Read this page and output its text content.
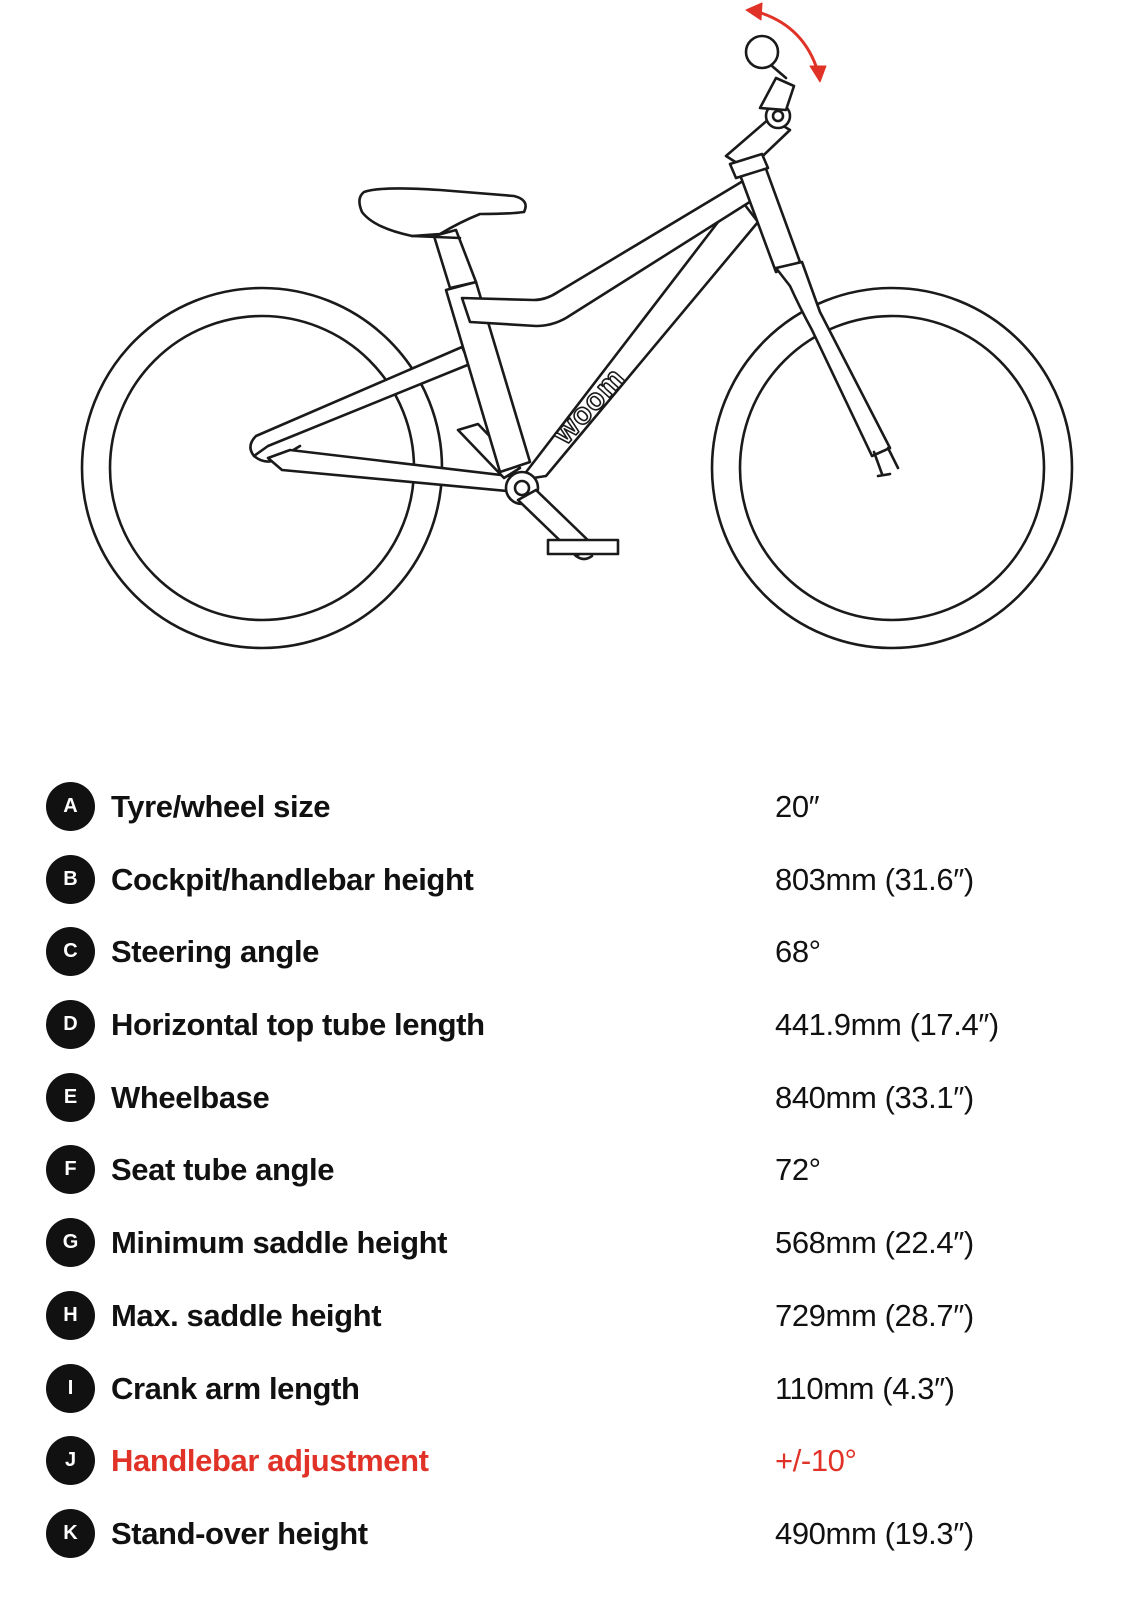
woom
A	Tyre/wheel size	20″
B	Cockpit/handlebar height	803mm (31.6″)
C	Steering angle	68°
D	Horizontal top tube length	441.9mm (17.4″)
E	Wheelbase	840mm (33.1″)
F	Seat tube angle	72°
G	Minimum saddle height	568mm (22.4″)
H	Max. saddle height	729mm (28.7″)
I	Crank arm length	110mm (4.3″)
J	Handlebar adjustment	+/-10°
K	Stand-over height	490mm (19.3″)
